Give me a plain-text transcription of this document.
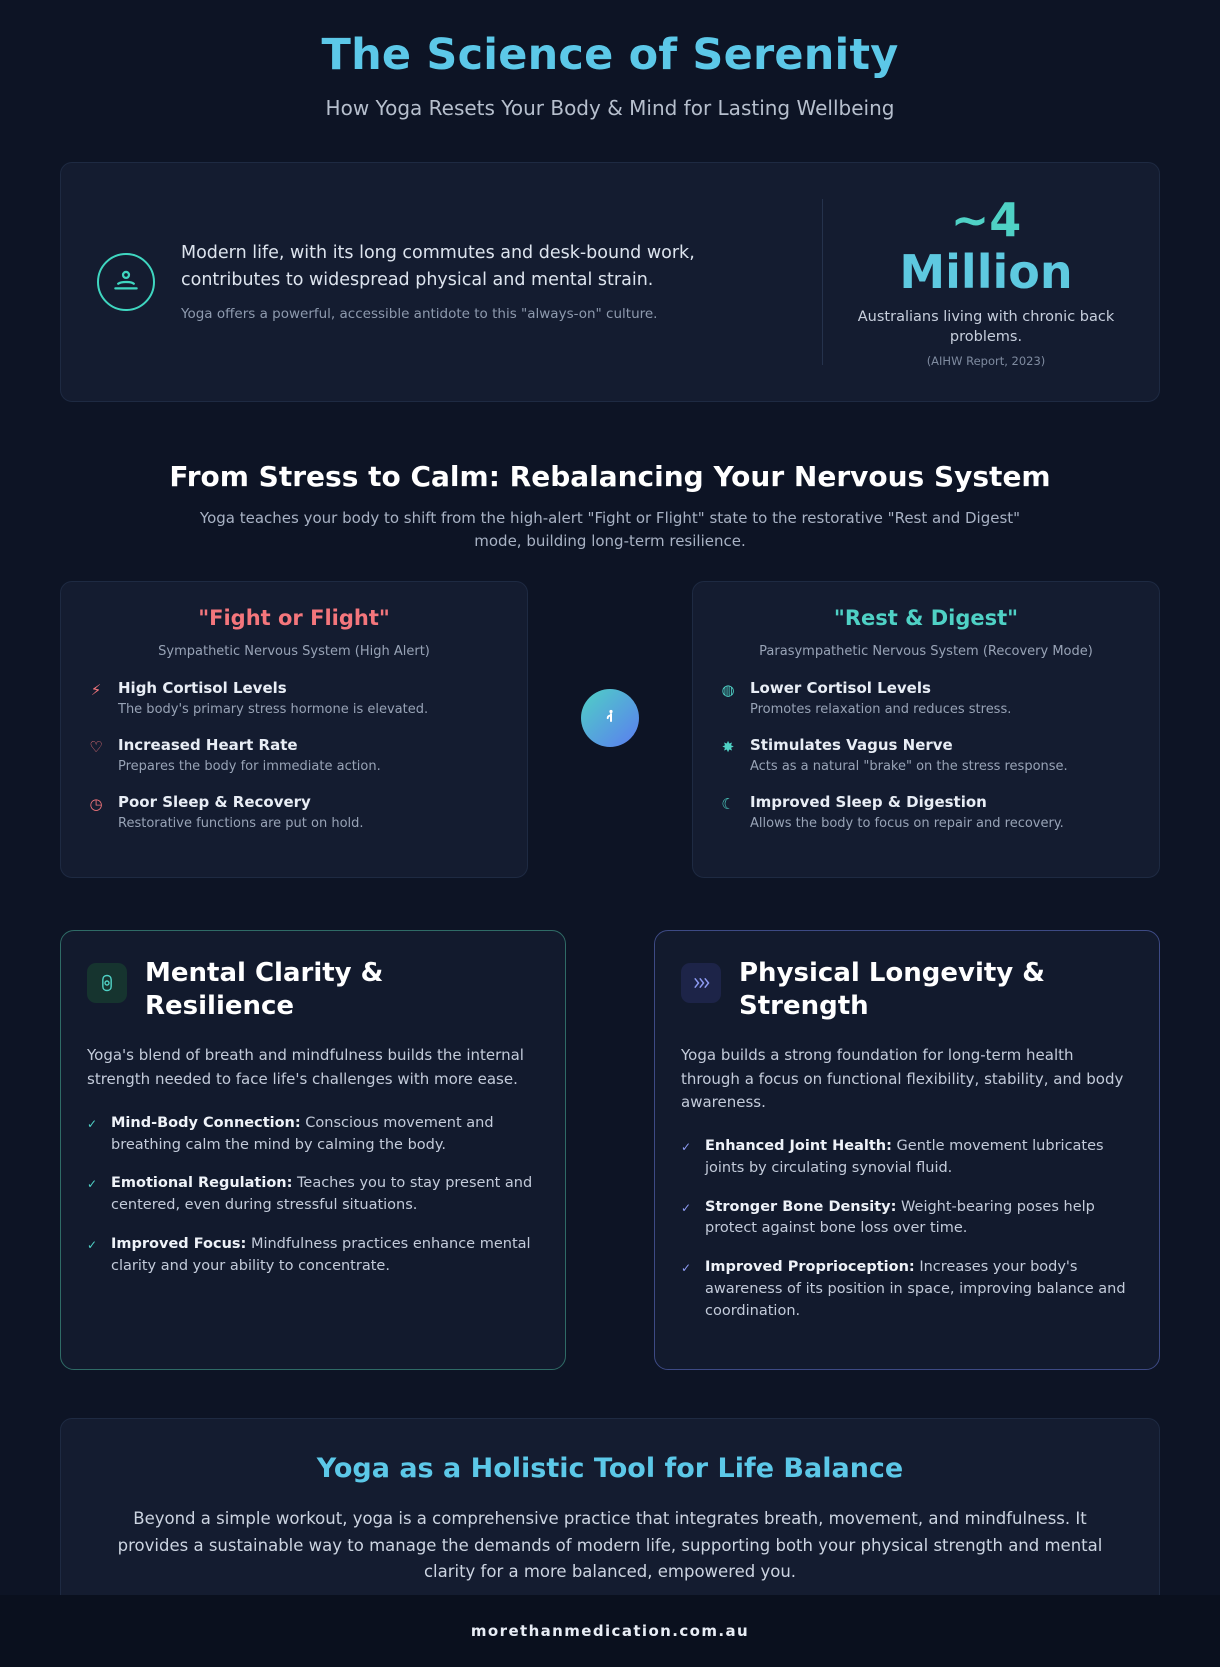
The Science of Serenity
How Yoga Resets Your Body & Mind for Lasting Wellbeing
Modern life, with its long commutes and desk-bound work, contributes to widespread physical and mental strain.
Yoga offers a powerful, accessible antidote to this "always-on" culture.
~4
Million
Australians living with chronic back problems.
(AIHW Report, 2023)
From Stress to Calm: Rebalancing Your Nervous System

Yoga teaches your body to shift from the high-alert "Fight or Flight" state to the restorative "Rest and Digest" mode, building long-term resilience.

"Fight or Flight"
Sympathetic Nervous System (High Alert)
⚡ High Cortisol Levels
The body's primary stress hormone is elevated.
♡ Increased Heart Rate
Prepares the body for immediate action.
◷ Poor Sleep & Recovery
Restorative functions are put on hold.
"Rest & Digest"
Parasympathetic Nervous System (Recovery Mode)
◍ Lower Cortisol Levels
Promotes relaxation and reduces stress.
✸ Stimulates Vagus Nerve
Acts as a natural "brake" on the stress response.
☾ Improved Sleep & Digestion
Allows the body to focus on repair and recovery.
Mental Clarity & Resilience
Yoga's blend of breath and mindfulness builds the internal strength needed to face life's challenges with more ease.
✓ Mind-Body Connection: Conscious movement and breathing calm the mind by calming the body.
✓ Emotional Regulation: Teaches you to stay present and centered, even during stressful situations.
✓ Improved Focus: Mindfulness practices enhance mental clarity and your ability to concentrate.
Physical Longevity & Strength
Yoga builds a strong foundation for long-term health through a focus on functional flexibility, stability, and body awareness.
✓ Enhanced Joint Health: Gentle movement lubricates joints by circulating synovial fluid.
✓ Stronger Bone Density: Weight-bearing poses help protect against bone loss over time.
✓ Improved Proprioception: Increases your body's awareness of its position in space, improving balance and coordination.
Yoga as a Holistic Tool for Life Balance

Beyond a simple workout, yoga is a comprehensive practice that integrates breath, movement, and mindfulness. It provides a sustainable way to manage the demands of modern life, supporting both your physical strength and mental clarity for a more balanced, empowered you.

morethanmedication.com.au
